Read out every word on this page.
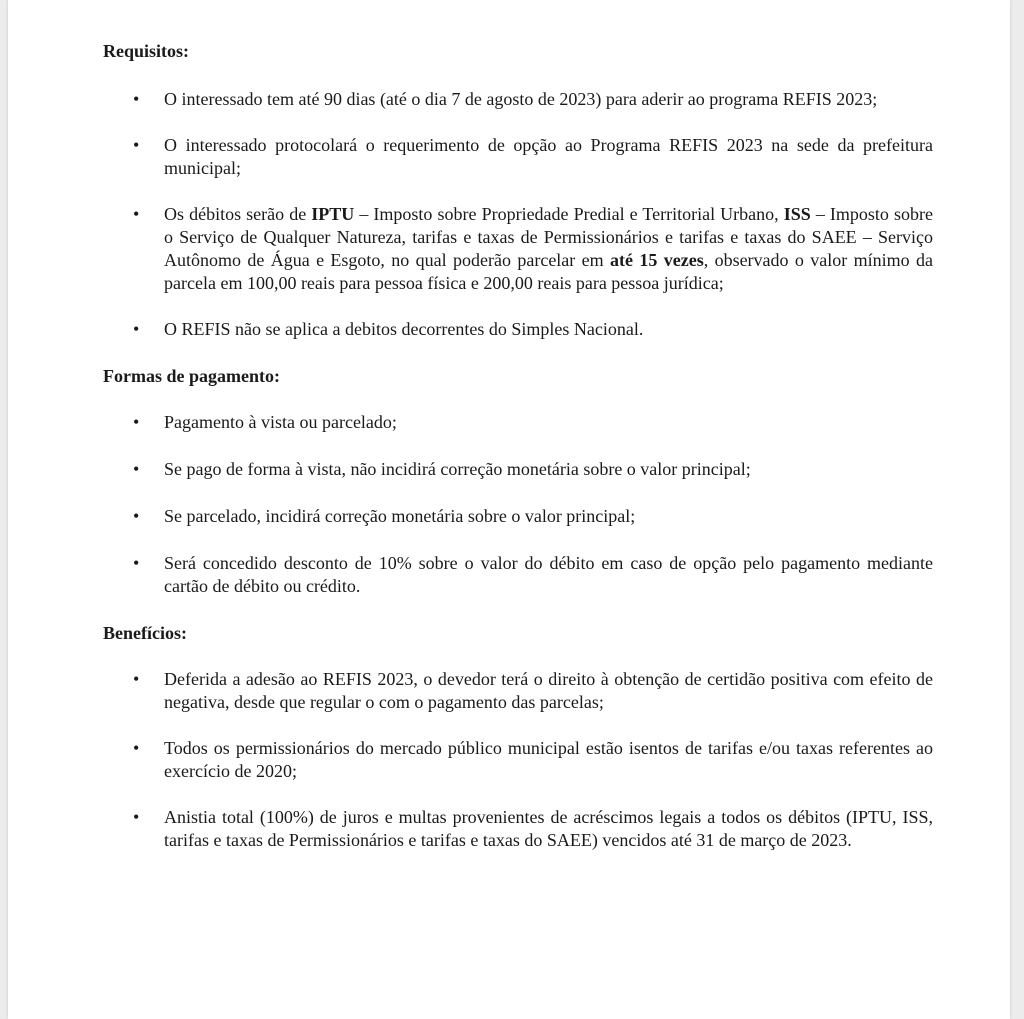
Requisitos:
• O interessado tem até 90 dias (até o dia 7 de agosto de 2023) para aderir ao programa REFIS 2023;
• O interessado protocolará o requerimento de opção ao Programa REFIS 2023 na sede da prefeitura municipal;
• Os débitos serão de IPTU – Imposto sobre Propriedade Predial e Territorial Urbano, ISS – Imposto sobre o Serviço de Qualquer Natureza, tarifas e taxas de Permissionários e tarifas e taxas do SAEE – Serviço Autônomo de Água e Esgoto, no qual poderão parcelar em até 15 vezes, observado o valor mínimo da parcela em 100,00 reais para pessoa física e 200,00 reais para pessoa jurídica;
• O REFIS não se aplica a debitos decorrentes do Simples Nacional.
Formas de pagamento:
• Pagamento à vista ou parcelado;
• Se pago de forma à vista, não incidirá correção monetária sobre o valor principal;
• Se parcelado, incidirá correção monetária sobre o valor principal;
• Será concedido desconto de 10% sobre o valor do débito em caso de opção pelo pagamento mediante cartão de débito ou crédito.
Benefícios:
• Deferida a adesão ao REFIS 2023, o devedor terá o direito à obtenção de certidão positiva com efeito de negativa, desde que regular o com o pagamento das parcelas;
• Todos os permissionários do mercado público municipal estão isentos de tarifas e/ou taxas referentes ao exercício de 2020;
• Anistia total (100%) de juros e multas provenientes de acréscimos legais a todos os débitos (IPTU, ISS, tarifas e taxas de Permissionários e tarifas e taxas do SAEE) vencidos até 31 de março de 2023.
